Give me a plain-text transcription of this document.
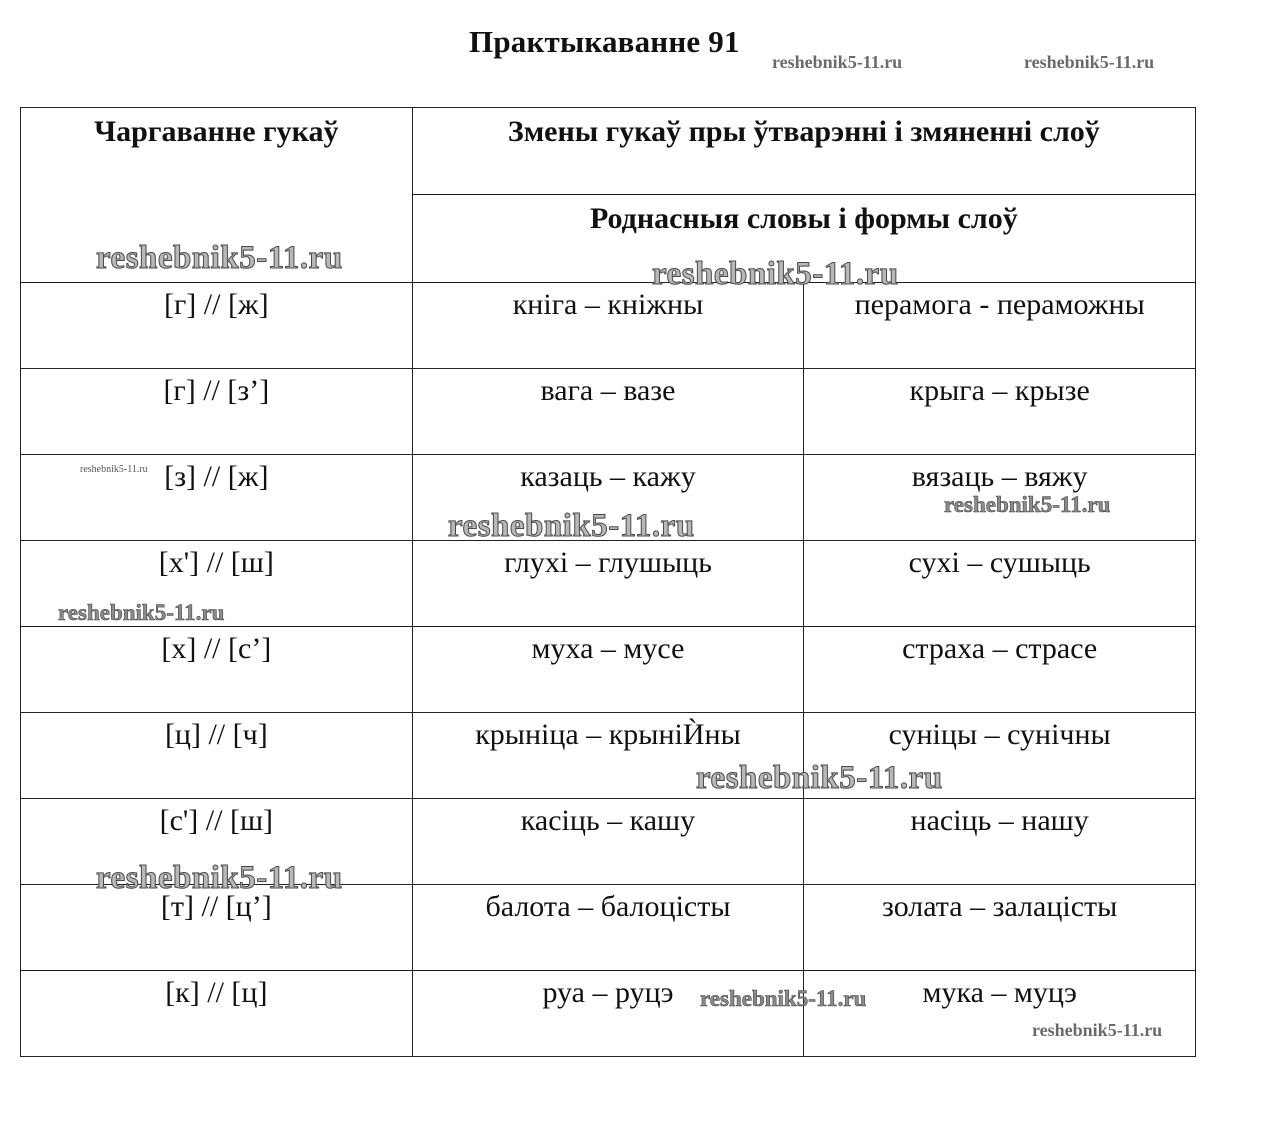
Практыкаванне 91
Чаргаванне гукаў	Змены гукаў пры ўтварэнні і змяненні слоў	
	Роднасныя словы і формы слоў	
[г] // [ж]	кніга – кніжны	перамога - пераможны
[г] // [з’]	вага – вазе	крыга – крызе
[з] // [ж]	казаць – кажу	вязаць – вяжу
[х'] // [ш]	глухі – глушыць	сухі – сушыць
[х] // [с’]	муха – мусе	страха – страсе
[ц] // [ч]	крыніца – крыніЍны	суніцы – сунічны
[с'] // [ш]	касіць – кашу	насіць – нашу
[т] // [ц’]	балота – балоцісты	золата – залацісты
[к] // [ц]	руа – руцэ	мука – муцэ
reshebnik5-11.ru	reshebnik5-11.ru
reshebnik5-11.ru	reshebnik5-11.ru
reshebnik5-11.ru
reshebnik5-11.ru
reshebnik5-11.ru
reshebnik5-11.ru
reshebnik5-11.ru
reshebnik5-11.ru
reshebnik5-11.ru
reshebnik5-11.ru
